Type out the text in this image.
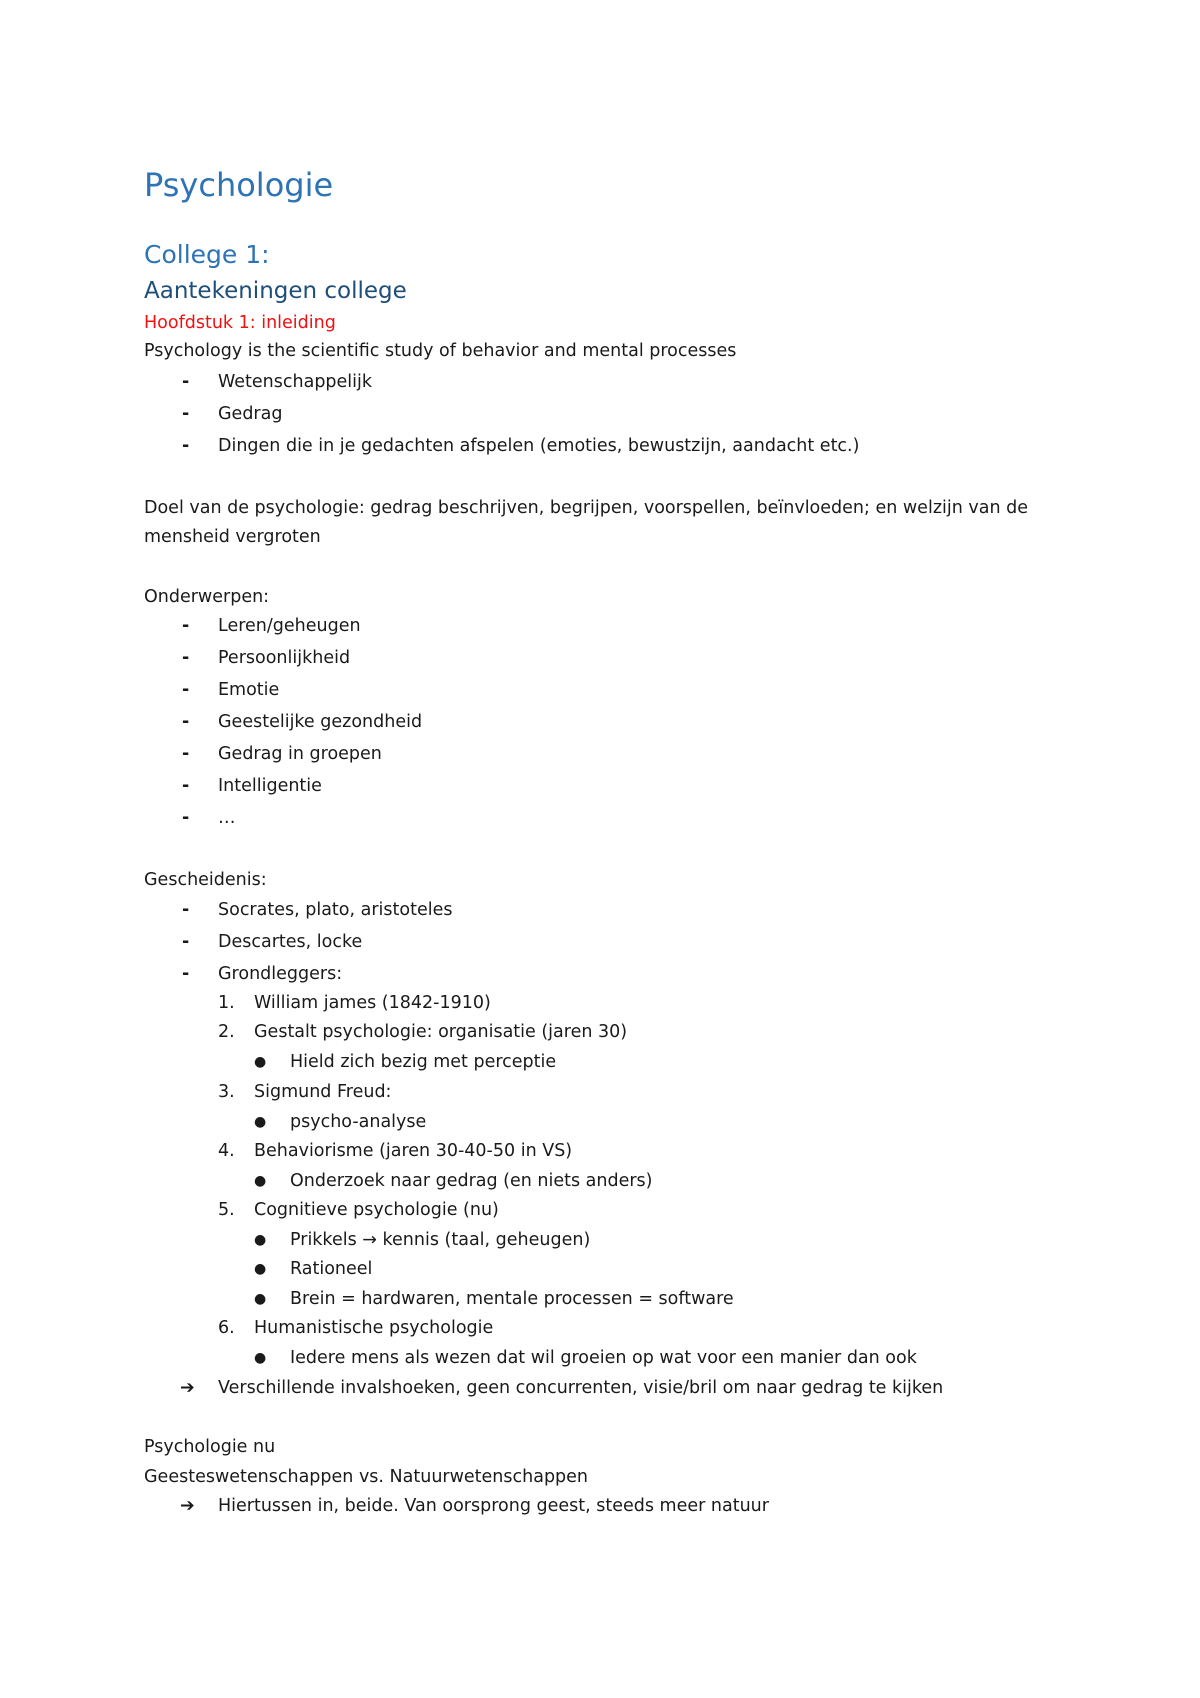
Psychologie
College 1:
Aantekeningen college
Hoofdstuk 1: inleiding
Psychology is the scientific study of behavior and mental processes
- Wetenschappelijk
- Gedrag
- Dingen die in je gedachten afspelen (emoties, bewustzijn, aandacht etc.)
Doel van de psychologie: gedrag beschrijven, begrijpen, voorspellen, beïnvloeden; en welzijn van de
mensheid vergroten
Onderwerpen:
- Leren/geheugen
- Persoonlijkheid
- Emotie
- Geestelijke gezondheid
- Gedrag in groepen
- Intelligentie
- …
Gescheidenis:
- Socrates, plato, aristoteles
- Descartes, locke
- Grondleggers:
1. William james (1842-1910)
2. Gestalt psychologie: organisatie (jaren 30)
● Hield zich bezig met perceptie
3. Sigmund Freud:
● psycho-analyse
4. Behaviorisme (jaren 30-40-50 in VS)
● Onderzoek naar gedrag (en niets anders)
5. Cognitieve psychologie (nu)
● Prikkels → kennis (taal, geheugen)
● Rationeel
● Brein = hardwaren, mentale processen = software
6. Humanistische psychologie
● Iedere mens als wezen dat wil groeien op wat voor een manier dan ook
➔ Verschillende invalshoeken, geen concurrenten, visie/bril om naar gedrag te kijken
Psychologie nu
Geesteswetenschappen vs. Natuurwetenschappen
➔ Hiertussen in, beide. Van oorsprong geest, steeds meer natuur
